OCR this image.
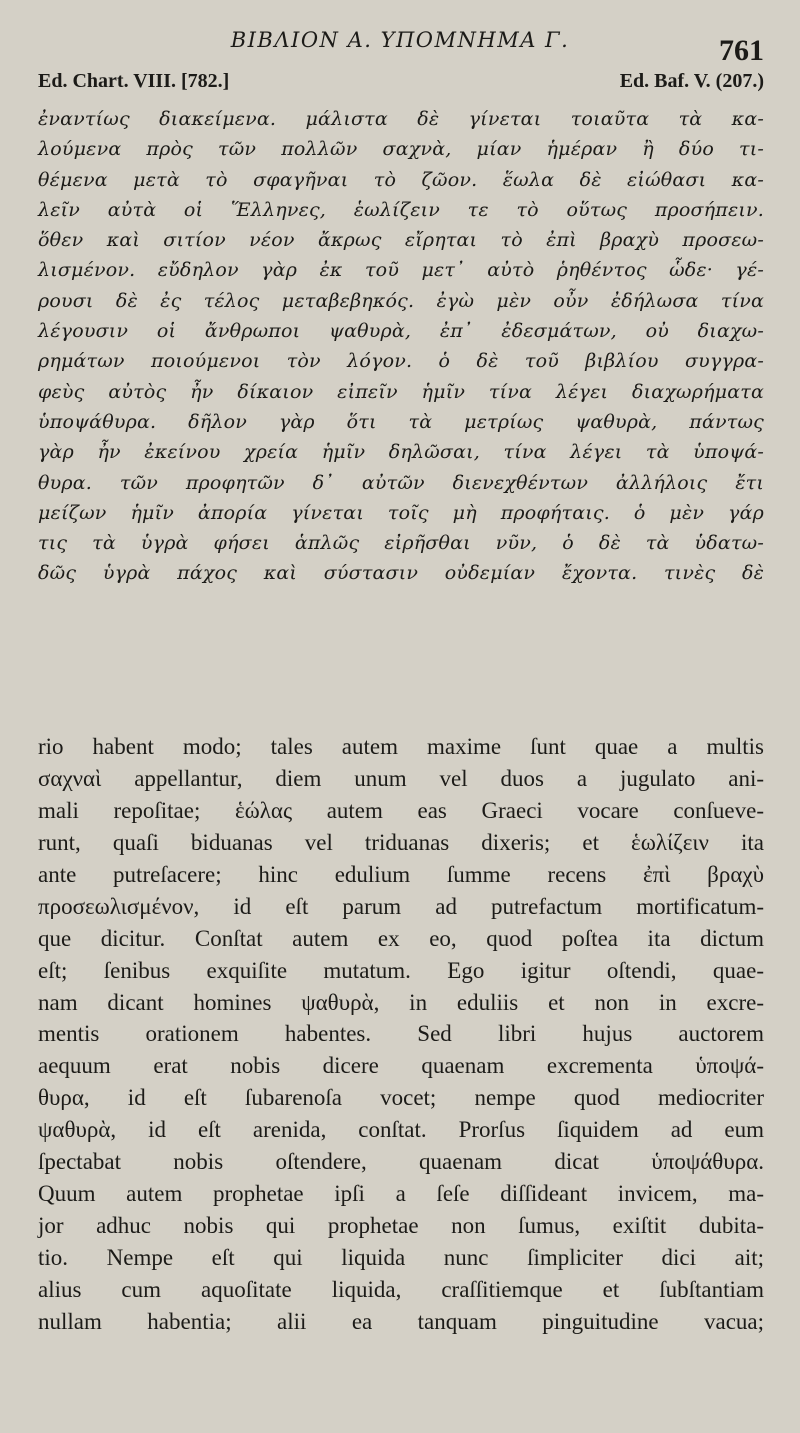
ΒΙΒΛΙΟΝ Α. ΥΠΟΜΝΗΜΑ Γ.	761
Ed. Chart. VIII. [782.]	Ed. Baf. V. (207.)
ἐναντίως διακείμενα. μάλιστα δὲ γίνεται τοιαῦτα τὰ κα-
λούμενα πρὸς τῶν πολλῶν σαχνὰ, μίαν ἡμέραν ἢ δύο τι-
θέμενα μετὰ τὸ σφαγῆναι τὸ ζῶον. ἕωλα δὲ εἰώθασι κα-
λεῖν αὐτὰ οἱ Ἕλληνες, ἑωλίζειν τε τὸ οὕτως προσήπειν.
ὅθεν καὶ σιτίον νέον ἄκρως εἴρηται τὸ ἐπὶ βραχὺ προσεω-
λισμένον. εὔδηλον γὰρ ἐκ τοῦ μετ᾽ αὐτὸ ῥηθέντος ὧδε· γέ-
ρουσι δὲ ἐς τέλος μεταβεβηκός. ἐγὼ μὲν οὖν ἐδήλωσα τίνα
λέγουσιν οἱ ἄνθρωποι ψαθυρὰ, ἐπ᾽ ἐδεσμάτων, οὐ διαχω-
ρημάτων ποιούμενοι τὸν λόγον. ὁ δὲ τοῦ βιβλίου συγγρα-
φεὺς αὐτὸς ἦν δίκαιον εἰπεῖν ἡμῖν τίνα λέγει διαχωρήματα
ὑποψάθυρα. δῆλον γὰρ ὅτι τὰ μετρίως ψαθυρὰ, πάντως
γὰρ ἦν ἐκείνου χρεία ἡμῖν δηλῶσαι, τίνα λέγει τὰ ὑποψά-
θυρα. τῶν προφητῶν δ᾽ αὐτῶν διενεχθέντων ἀλλήλοις ἔτι
μείζων ἡμῖν ἀπορία γίνεται τοῖς μὴ προφήταις. ὁ μὲν γάρ
τις τὰ ὑγρὰ φήσει ἁπλῶς εἰρῆσθαι νῦν, ὁ δὲ τὰ ὑδατω-
δῶς ὑγρὰ πάχος καὶ σύστασιν οὐδεμίαν ἔχοντα. τινὲς δὲ
rio habent modo; tales autem maxime ſunt quae a multis
σαχναὶ appellantur, diem unum vel duos a jugulato ani-
mali repoſitae; ἑώλας autem eas Graeci vocare conſueve-
runt, quaſi biduanas vel triduanas dixeris; et ἑωλίζειν ita
ante putreſacere; hinc edulium ſumme recens ἐπὶ βραχὺ
προσεωλισμένον, id eſt parum ad putrefactum mortificatum-
que dicitur. Conſtat autem ex eo, quod poſtea ita dictum
eſt; ſenibus exquiſite mutatum. Ego igitur oſtendi, quae-
nam dicant homines ψαθυρὰ, in eduliis et non in excre-
mentis orationem habentes. Sed libri hujus auctorem
aequum erat nobis dicere quaenam excrementa ὑποψά-
θυρα, id eſt ſubarenoſa vocet; nempe quod mediocriter
ψαθυρὰ, id eſt arenida, conſtat. Prorſus ſiquidem ad eum
ſpectabat nobis oſtendere, quaenam dicat ὑποψάθυρα.
Quum autem prophetae ipſi a ſeſe diſſideant invicem, ma-
jor adhuc nobis qui prophetae non ſumus, exiſtit dubita-
tio. Nempe eſt qui liquida nunc ſimpliciter dici ait;
alius cum aquoſitate liquida, craſſitiemque et ſubſtantiam
nullam habentia; alii ea tanquam pinguitudine vacua;
